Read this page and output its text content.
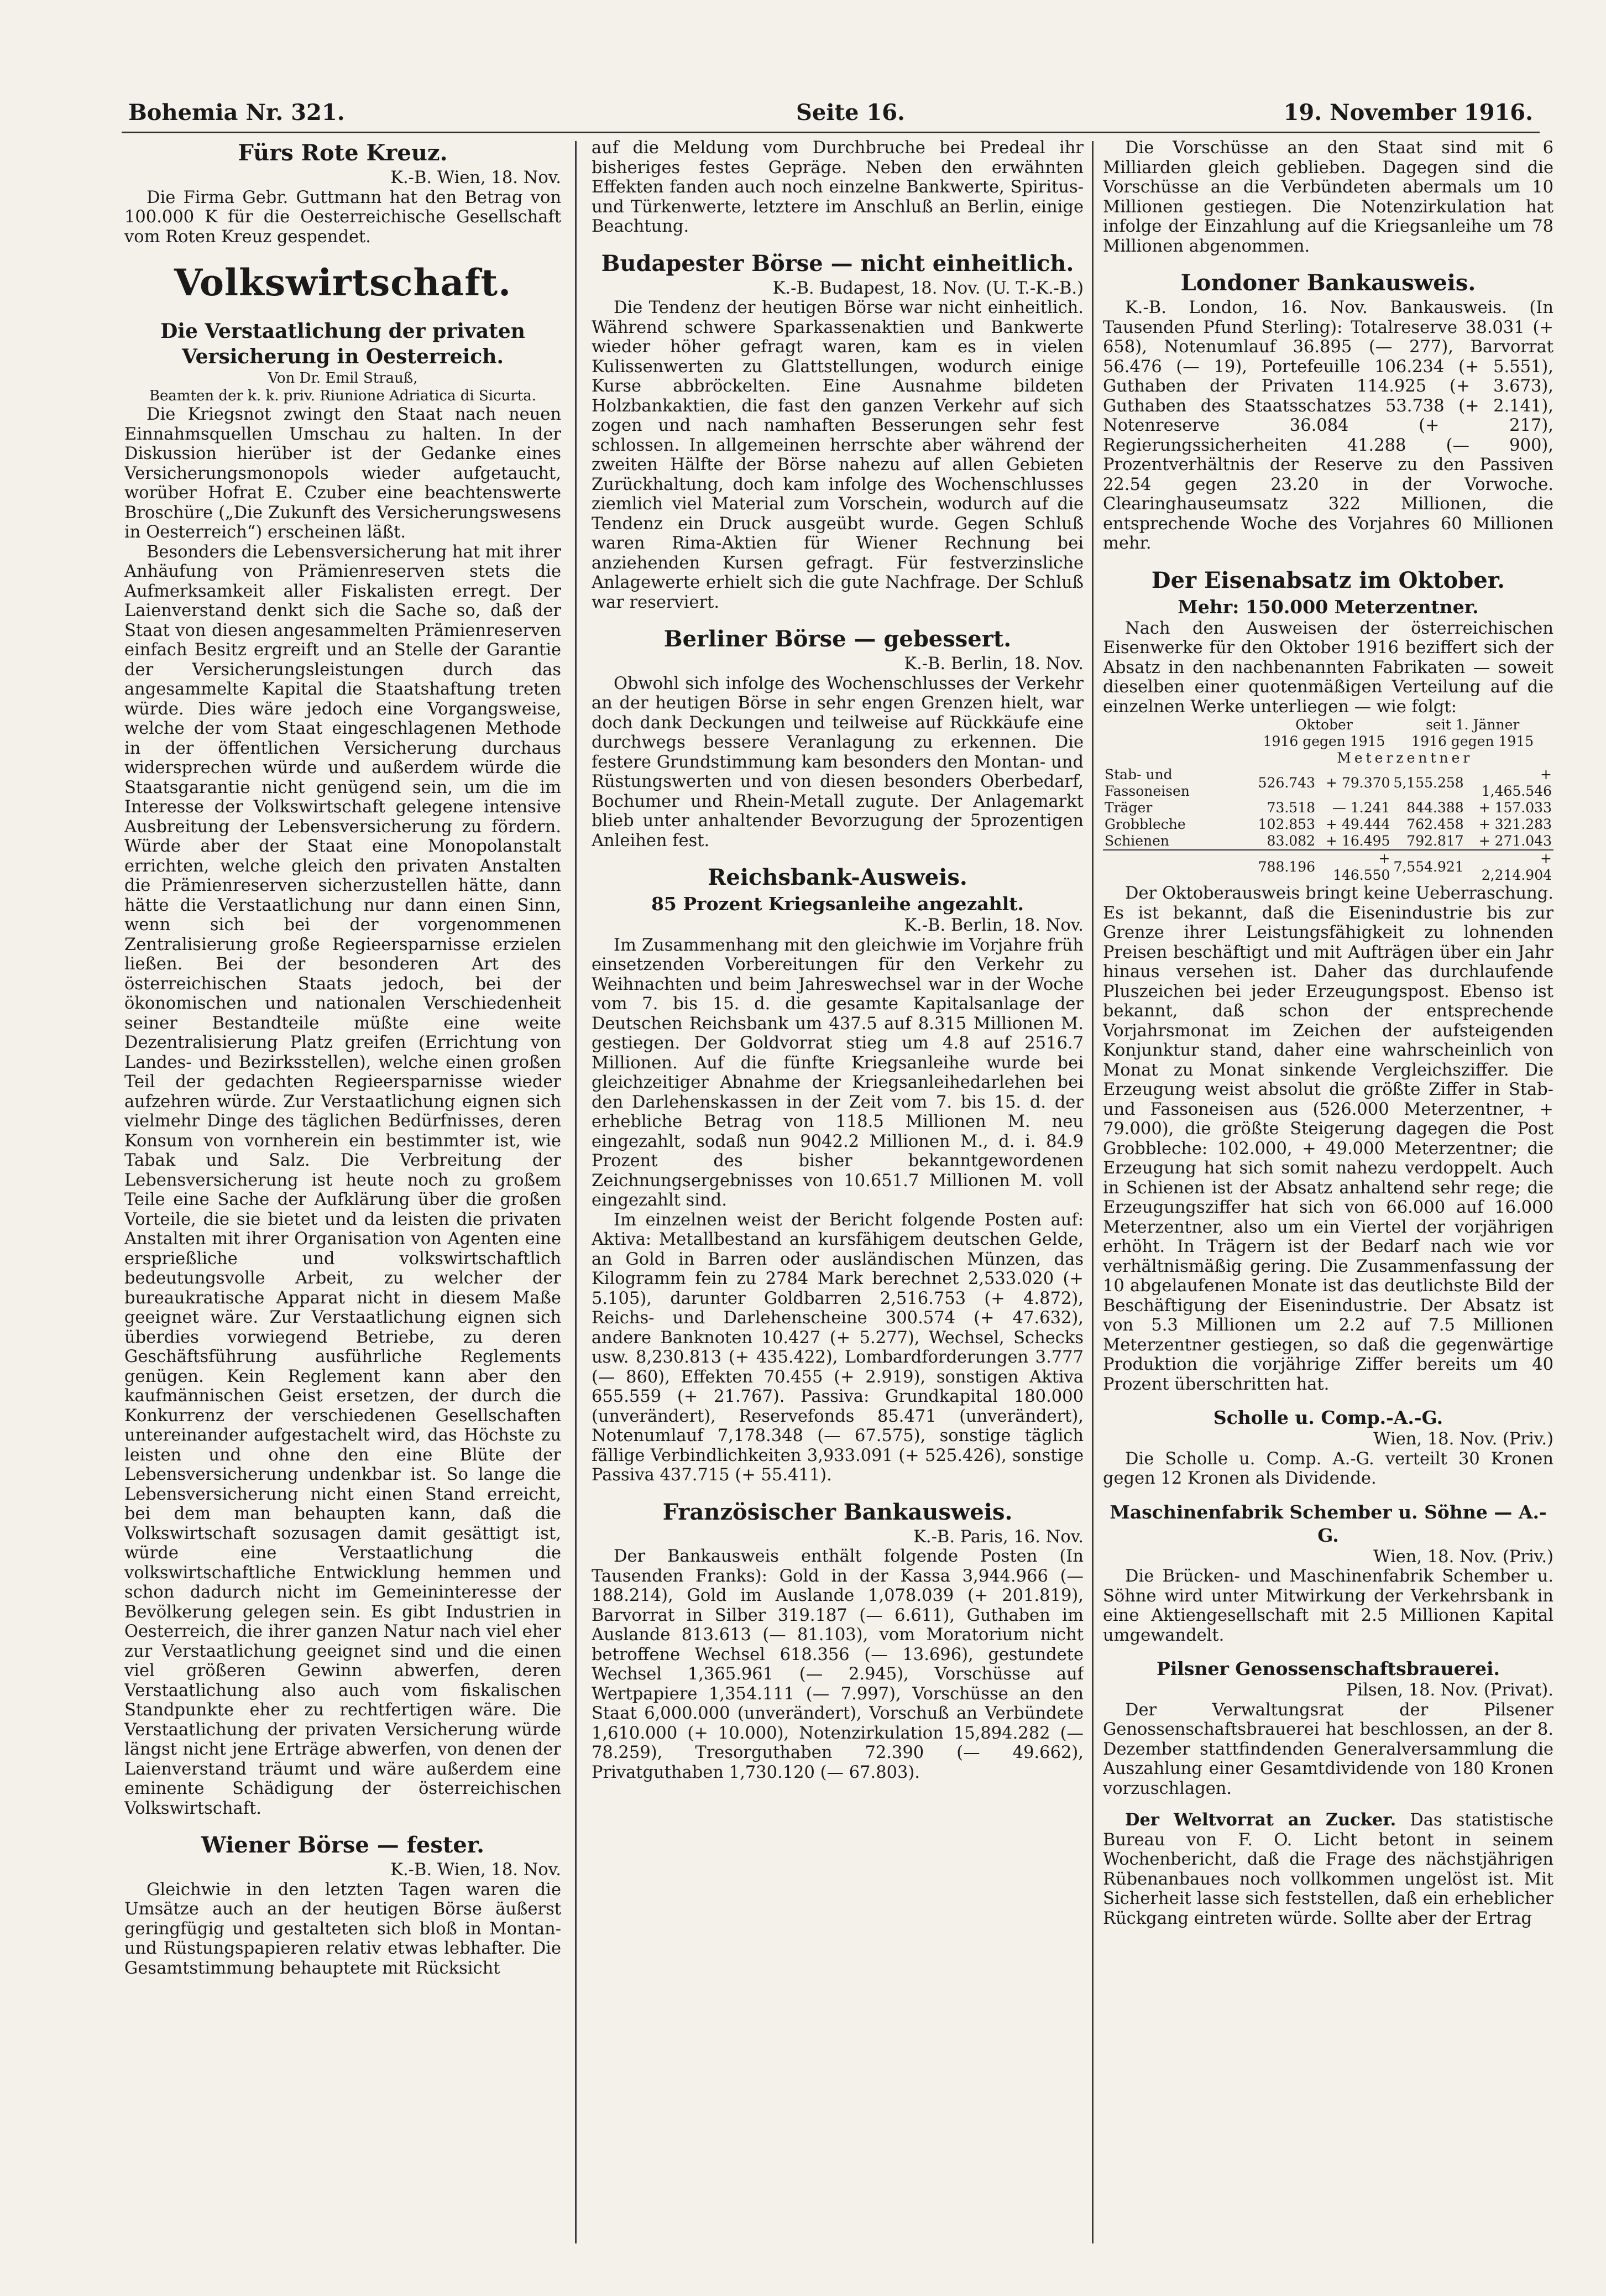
Bohemia Nr. 321.	Seite 16.	19. November 1916.
Fürs Rote Kreuz.
K.-B. Wien, 18. Nov.

Die Firma Gebr. Guttmann hat den Betrag von 100.000 K für die Oesterreichische Gesellschaft vom Roten Kreuz gespendet.

Volkswirtschaft.
Die Verstaatlichung der privaten Versicherung in Oesterreich.
Von Dr. Emil Strauß,
Beamten der k. k. priv. Riunione Adriatica di Sicurta.

Die Kriegsnot zwingt den Staat nach neuen Einnahmsquellen Umschau zu halten. In der Diskussion hierüber ist der Gedanke eines Versicherungsmonopols wieder aufgetaucht, worüber Hofrat E. Czuber eine beachtenswerte Broschüre („Die Zukunft des Versicherungswesens in Oesterreich“) erscheinen läßt.

Besonders die Lebensversicherung hat mit ihrer Anhäufung von Prämienreserven stets die Aufmerksamkeit aller Fiskalisten erregt. Der Laienverstand denkt sich die Sache so, daß der Staat von diesen angesammelten Prämienreserven einfach Besitz ergreift und an Stelle der Garantie der Versicherungsleistungen durch das angesammelte Kapital die Staatshaftung treten würde. Dies wäre jedoch eine Vorgangsweise, welche der vom Staat eingeschlagenen Methode in der öffentlichen Versicherung durchaus widersprechen würde und außerdem würde die Staatsgarantie nicht genügend sein, um die im Interesse der Volkswirtschaft gelegene intensive Ausbreitung der Lebensversicherung zu fördern. Würde aber der Staat eine Monopolanstalt errichten, welche gleich den privaten Anstalten die Prämienreserven sicherzustellen hätte, dann hätte die Verstaatlichung nur dann einen Sinn, wenn sich bei der vorgenommenen Zentralisierung große Regieersparnisse erzielen ließen. Bei der besonderen Art des österreichischen Staats jedoch, bei der ökonomischen und nationalen Verschiedenheit seiner Bestandteile müßte eine weite Dezentralisierung Platz greifen (Errichtung von Landes- und Bezirksstellen), welche einen großen Teil der gedachten Regieersparnisse wieder aufzehren würde. Zur Verstaatlichung eignen sich vielmehr Dinge des täglichen Bedürfnisses, deren Konsum von vornherein ein bestimmter ist, wie Tabak und Salz. Die Verbreitung der Lebensversicherung ist heute noch zu großem Teile eine Sache der Aufklärung über die großen Vorteile, die sie bietet und da leisten die privaten Anstalten mit ihrer Organisation von Agenten eine ersprießliche und volkswirtschaftlich bedeutungsvolle Arbeit, zu welcher der bureaukratische Apparat nicht in diesem Maße geeignet wäre. Zur Verstaatlichung eignen sich überdies vorwiegend Betriebe, zu deren Geschäftsführung ausführliche Reglements genügen. Kein Reglement kann aber den kaufmännischen Geist ersetzen, der durch die Konkurrenz der verschiedenen Gesellschaften untereinander aufgestachelt wird, das Höchste zu leisten und ohne den eine Blüte der Lebensversicherung undenkbar ist. So lange die Lebensversicherung nicht einen Stand erreicht, bei dem man behaupten kann, daß die Volkswirtschaft sozusagen damit gesättigt ist, würde eine Verstaatlichung die volkswirtschaftliche Entwicklung hemmen und schon dadurch nicht im Gemeininteresse der Bevölkerung gelegen sein. Es gibt Industrien in Oesterreich, die ihrer ganzen Natur nach viel eher zur Verstaatlichung geeignet sind und die einen viel größeren Gewinn abwerfen, deren Verstaatlichung also auch vom fiskalischen Standpunkte eher zu rechtfertigen wäre. Die Verstaatlichung der privaten Versicherung würde längst nicht jene Erträge abwerfen, von denen der Laienverstand träumt und wäre außerdem eine eminente Schädigung der österreichischen Volkswirtschaft.

Wiener Börse — fester.
K.-B. Wien, 18. Nov.

Gleichwie in den letzten Tagen waren die Umsätze auch an der heutigen Börse äußerst geringfügig und gestalteten sich bloß in Montan- und Rüstungspapieren relativ etwas lebhafter. Die Gesamtstimmung behauptete mit Rücksicht

auf die Meldung vom Durchbruche bei Predeal ihr bisheriges festes Gepräge. Neben den erwähnten Effekten fanden auch noch einzelne Bankwerte, Spiritus- und Türkenwerte, letztere im Anschluß an Berlin, einige Beachtung.

Budapester Börse — nicht einheitlich.
K.-B. Budapest, 18. Nov. (U. T.-K.-B.)

Die Tendenz der heutigen Börse war nicht einheitlich. Während schwere Sparkassenaktien und Bankwerte wieder höher gefragt waren, kam es in vielen Kulissenwerten zu Glattstellungen, wodurch einige Kurse abbröckelten. Eine Ausnahme bildeten Holzbankaktien, die fast den ganzen Verkehr auf sich zogen und nach namhaften Besserungen sehr fest schlossen. In allgemeinen herrschte aber während der zweiten Hälfte der Börse nahezu auf allen Gebieten Zurückhaltung, doch kam infolge des Wochenschlusses ziemlich viel Material zum Vorschein, wodurch auf die Tendenz ein Druck ausgeübt wurde. Gegen Schluß waren Rima-Aktien für Wiener Rechnung bei anziehenden Kursen gefragt. Für festverzinsliche Anlagewerte erhielt sich die gute Nachfrage. Der Schluß war reserviert.

Berliner Börse — gebessert.
K.-B. Berlin, 18. Nov.

Obwohl sich infolge des Wochenschlusses der Verkehr an der heutigen Börse in sehr engen Grenzen hielt, war doch dank Deckungen und teilweise auf Rückkäufe eine durchwegs bessere Veranlagung zu erkennen. Die festere Grundstimmung kam besonders den Montan- und Rüstungswerten und von diesen besonders Oberbedarf, Bochumer und Rhein-Metall zugute. Der Anlagemarkt blieb unter anhaltender Bevorzugung der 5prozentigen Anleihen fest.

Reichsbank-Ausweis.
85 Prozent Kriegsanleihe angezahlt.
K.-B. Berlin, 18. Nov.

Im Zusammenhang mit den gleichwie im Vorjahre früh einsetzenden Vorbereitungen für den Verkehr zu Weihnachten und beim Jahreswechsel war in der Woche vom 7. bis 15. d. die gesamte Kapitalsanlage der Deutschen Reichsbank um 437.5 auf 8.315 Millionen M. gestiegen. Der Goldvorrat stieg um 4.8 auf 2516.7 Millionen. Auf die fünfte Kriegsanleihe wurde bei gleichzeitiger Abnahme der Kriegsanleihedarlehen bei den Darlehenskassen in der Zeit vom 7. bis 15. d. der erhebliche Betrag von 118.5 Millionen M. neu eingezahlt, sodaß nun 9042.2 Millionen M., d. i. 84.9 Prozent des bisher bekanntgewordenen Zeichnungsergebnisses von 10.651.7 Millionen M. voll eingezahlt sind.

Im einzelnen weist der Bericht folgende Posten auf: Aktiva: Metallbestand an kursfähigem deutschen Gelde, an Gold in Barren oder ausländischen Münzen, das Kilogramm fein zu 2784 Mark berechnet 2,533.020 (+ 5.105), darunter Goldbarren 2,516.753 (+ 4.872), Reichs- und Darlehenscheine 300.574 (+ 47.632), andere Banknoten 10.427 (+ 5.277), Wechsel, Schecks usw. 8,230.813 (+ 435.422), Lombardforderungen 3.777 (— 860), Effekten 70.455 (+ 2.919), sonstigen Aktiva 655.559 (+ 21.767). Passiva: Grundkapital 180.000 (unverändert), Reservefonds 85.471 (unverändert), Notenumlauf 7,178.348 (— 67.575), sonstige täglich fällige Verbindlichkeiten 3,933.091 (+ 525.426), sonstige Passiva 437.715 (+ 55.411).

Französischer Bankausweis.
K.-B. Paris, 16. Nov.

Der Bankausweis enthält folgende Posten (In Tausenden Franks): Gold in der Kassa 3,944.966 (— 188.214), Gold im Auslande 1,078.039 (+ 201.819), Barvorrat in Silber 319.187 (— 6.611), Guthaben im Auslande 813.613 (— 81.103), vom Moratorium nicht betroffene Wechsel 618.356 (— 13.696), gestundete Wechsel 1,365.961 (— 2.945), Vorschüsse auf Wertpapiere 1,354.111 (— 7.997), Vorschüsse an den Staat 6,000.000 (unverändert), Vorschuß an Verbündete 1,610.000 (+ 10.000), Notenzirkulation 15,894.282 (— 78.259), Tresorguthaben 72.390 (— 49.662), Privatguthaben 1,730.120 (— 67.803).

Die Vorschüsse an den Staat sind mit 6 Milliarden gleich geblieben. Dagegen sind die Vorschüsse an die Verbündeten abermals um 10 Millionen gestiegen. Die Notenzirkulation hat infolge der Einzahlung auf die Kriegsanleihe um 78 Millionen abgenommen.

Londoner Bankausweis.

K.-B. London, 16. Nov. Bankausweis. (In Tausenden Pfund Sterling): Totalreserve 38.031 (+ 658), Notenumlauf 36.895 (— 277), Barvorrat 56.476 (— 19), Portefeuille 106.234 (+ 5.551), Guthaben der Privaten 114.925 (+ 3.673), Guthaben des Staatsschatzes 53.738 (+ 2.141), Notenreserve 36.084 (+ 217), Regierungssicherheiten 41.288 (— 900), Prozentverhältnis der Reserve zu den Passiven 22.54 gegen 23.20 in der Vorwoche. Clearinghauseumsatz 322 Millionen, die entsprechende Woche des Vorjahres 60 Millionen mehr.

Der Eisenabsatz im Oktober.
Mehr: 150.000 Meterzentner.

Nach den Ausweisen der österreichischen Eisenwerke für den Oktober 1916 beziffert sich der Absatz in den nachbenannten Fabrikaten — soweit dieselben einer quotenmäßigen Verteilung auf die einzelnen Werke unterliegen — wie folgt:

	Oktober		seit 1. Jänner	
	1916 gegen 1915		1916 gegen 1915	
	Meterzentner			
Stab- und Fassoneisen	526.743	+ 79.370	5,155.258	+ 1,465.546
Träger	73.518	— 1.241	844.388	+ 157.033
Grobbleche	102.853	+ 49.444	762.458	+ 321.283
Schienen	83.082	+ 16.495	792.817	+ 271.043
	788.196	+ 146.550	7,554.921	+ 2,214.904

Der Oktoberausweis bringt keine Ueberraschung. Es ist bekannt, daß die Eisenindustrie bis zur Grenze ihrer Leistungsfähigkeit zu lohnenden Preisen beschäftigt und mit Aufträgen über ein Jahr hinaus versehen ist. Daher das durchlaufende Pluszeichen bei jeder Erzeugungspost. Ebenso ist bekannt, daß schon der entsprechende Vorjahrsmonat im Zeichen der aufsteigenden Konjunktur stand, daher eine wahrscheinlich von Monat zu Monat sinkende Vergleichsziffer. Die Erzeugung weist absolut die größte Ziffer in Stab- und Fassoneisen aus (526.000 Meterzentner, + 79.000), die größte Steigerung dagegen die Post Grobbleche: 102.000, + 49.000 Meterzentner; die Erzeugung hat sich somit nahezu verdoppelt. Auch in Schienen ist der Absatz anhaltend sehr rege; die Erzeugungsziffer hat sich von 66.000 auf 16.000 Meterzentner, also um ein Viertel der vorjährigen erhöht. In Trägern ist der Bedarf nach wie vor verhältnismäßig gering. Die Zusammenfassung der 10 abgelaufenen Monate ist das deutlichste Bild der Beschäftigung der Eisenindustrie. Der Absatz ist von 5.3 Millionen um 2.2 auf 7.5 Millionen Meterzentner gestiegen, so daß die gegenwärtige Produktion die vorjährige Ziffer bereits um 40 Prozent überschritten hat.

Scholle u. Comp.-A.-G.
Wien, 18. Nov. (Priv.)

Die Scholle u. Comp. A.-G. verteilt 30 Kronen gegen 12 Kronen als Dividende.

Maschinenfabrik Schember u. Söhne — A.-G.
Wien, 18. Nov. (Priv.)

Die Brücken- und Maschinenfabrik Schember u. Söhne wird unter Mitwirkung der Verkehrsbank in eine Aktiengesellschaft mit 2.5 Millionen Kapital umgewandelt.

Pilsner Genossenschaftsbrauerei.
Pilsen, 18. Nov. (Privat).

Der Verwaltungsrat der Pilsener Genossenschaftsbrauerei hat beschlossen, an der 8. Dezember stattfindenden Generalversammlung die Auszahlung einer Gesamtdividende von 180 Kronen vorzuschlagen.

Der Weltvorrat an Zucker. Das statistische Bureau von F. O. Licht betont in seinem Wochenbericht, daß die Frage des nächstjährigen Rübenanbaues noch vollkommen ungelöst ist. Mit Sicherheit lasse sich feststellen, daß ein erheblicher Rückgang eintreten würde. Sollte aber der Ertrag
